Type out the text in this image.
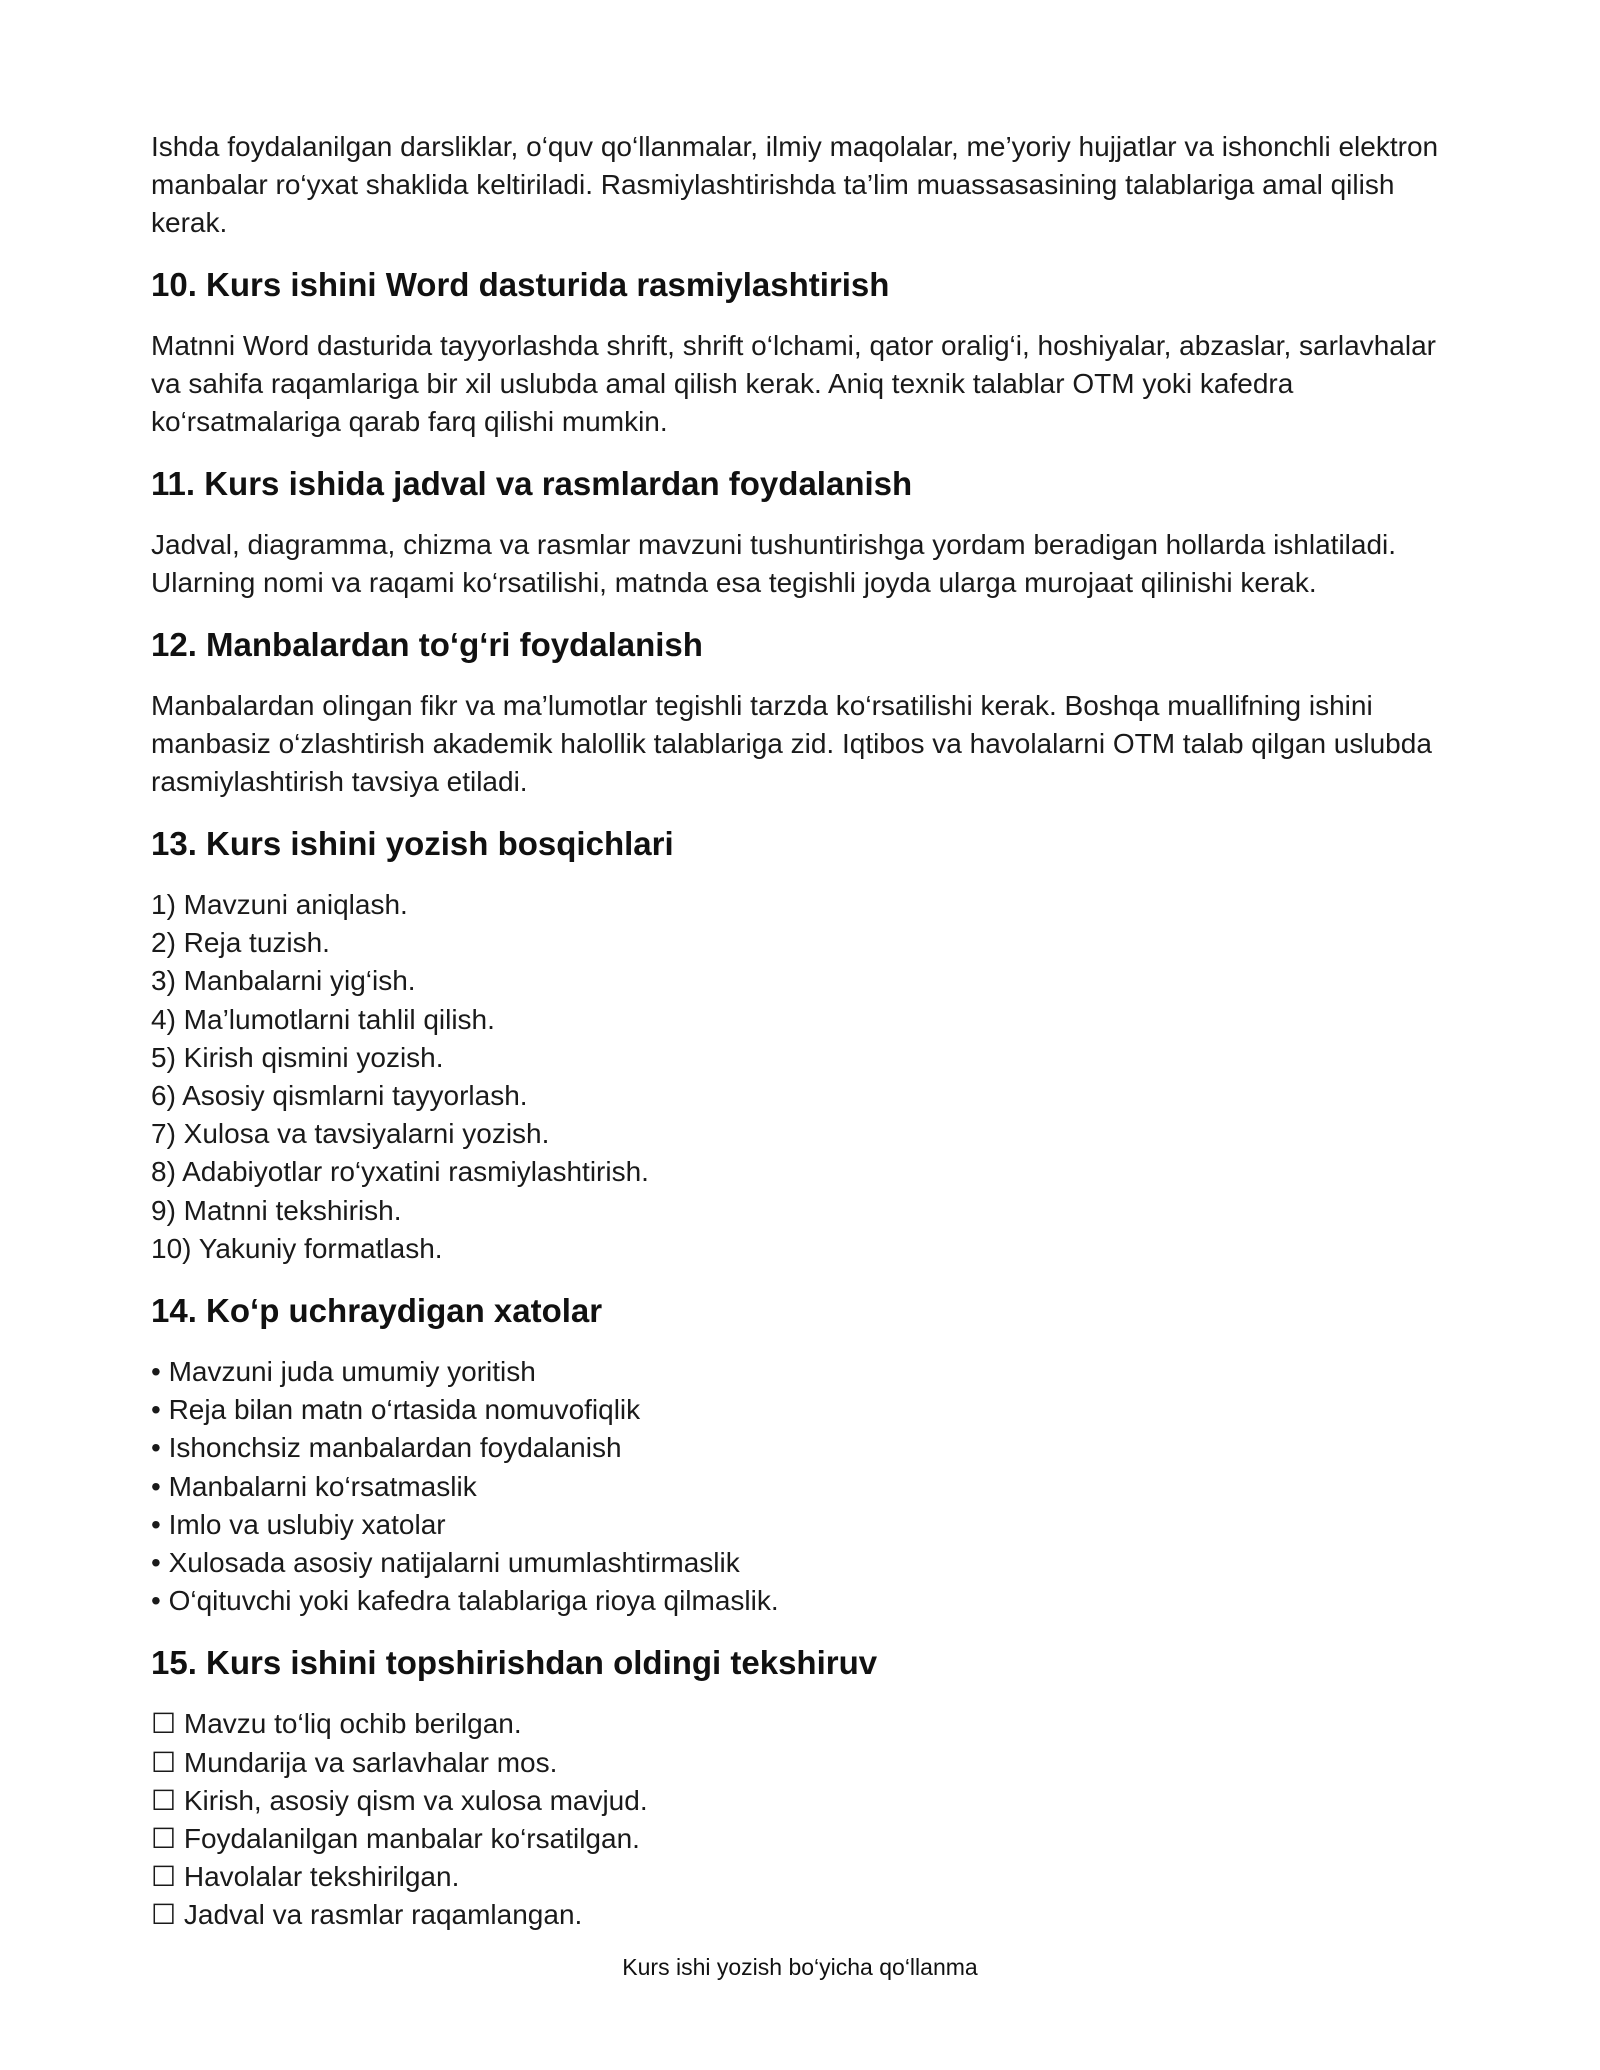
Ishda foydalanilgan darsliklar, o‘quv qo‘llanmalar, ilmiy maqolalar, me’yoriy hujjatlar va ishonchli elektron manbalar ro‘yxat shaklida keltiriladi. Rasmiylashtirishda ta’lim muassasasining talablariga amal qilish kerak.

10. Kurs ishini Word dasturida rasmiylashtirish

Matnni Word dasturida tayyorlashda shrift, shrift o‘lchami, qator oralig‘i, hoshiyalar, abzaslar, sarlavhalar va sahifa raqamlariga bir xil uslubda amal qilish kerak. Aniq texnik talablar OTM yoki kafedra ko‘rsatmalariga qarab farq qilishi mumkin.

11. Kurs ishida jadval va rasmlardan foydalanish

Jadval, diagramma, chizma va rasmlar mavzuni tushuntirishga yordam beradigan hollarda ishlatiladi. Ularning nomi va raqami ko‘rsatilishi, matnda esa tegishli joyda ularga murojaat qilinishi kerak.

12. Manbalardan to‘g‘ri foydalanish

Manbalardan olingan fikr va ma’lumotlar tegishli tarzda ko‘rsatilishi kerak. Boshqa muallifning ishini manbasiz o‘zlashtirish akademik halollik talablariga zid. Iqtibos va havolalarni OTM talab qilgan uslubda rasmiylashtirish tavsiya etiladi.

13. Kurs ishini yozish bosqichlari
1) Mavzuni aniqlash.
2) Reja tuzish.
3) Manbalarni yig‘ish.
4) Ma’lumotlarni tahlil qilish.
5) Kirish qismini yozish.
6) Asosiy qismlarni tayyorlash.
7) Xulosa va tavsiyalarni yozish.
8) Adabiyotlar ro‘yxatini rasmiylashtirish.
9) Matnni tekshirish.
10) Yakuniy formatlash.
14. Ko‘p uchraydigan xatolar
• Mavzuni juda umumiy yoritish
• Reja bilan matn o‘rtasida nomuvofiqlik
• Ishonchsiz manbalardan foydalanish
• Manbalarni ko‘rsatmaslik
• Imlo va uslubiy xatolar
• Xulosada asosiy natijalarni umumlashtirmaslik
• O‘qituvchi yoki kafedra talablariga rioya qilmaslik.
15. Kurs ishini topshirishdan oldingi tekshiruv
☐ Mavzu to‘liq ochib berilgan.
☐ Mundarija va sarlavhalar mos.
☐ Kirish, asosiy qism va xulosa mavjud.
☐ Foydalanilgan manbalar ko‘rsatilgan.
☐ Havolalar tekshirilgan.
☐ Jadval va rasmlar raqamlangan.
Kurs ishi yozish bo‘yicha qo‘llanma
